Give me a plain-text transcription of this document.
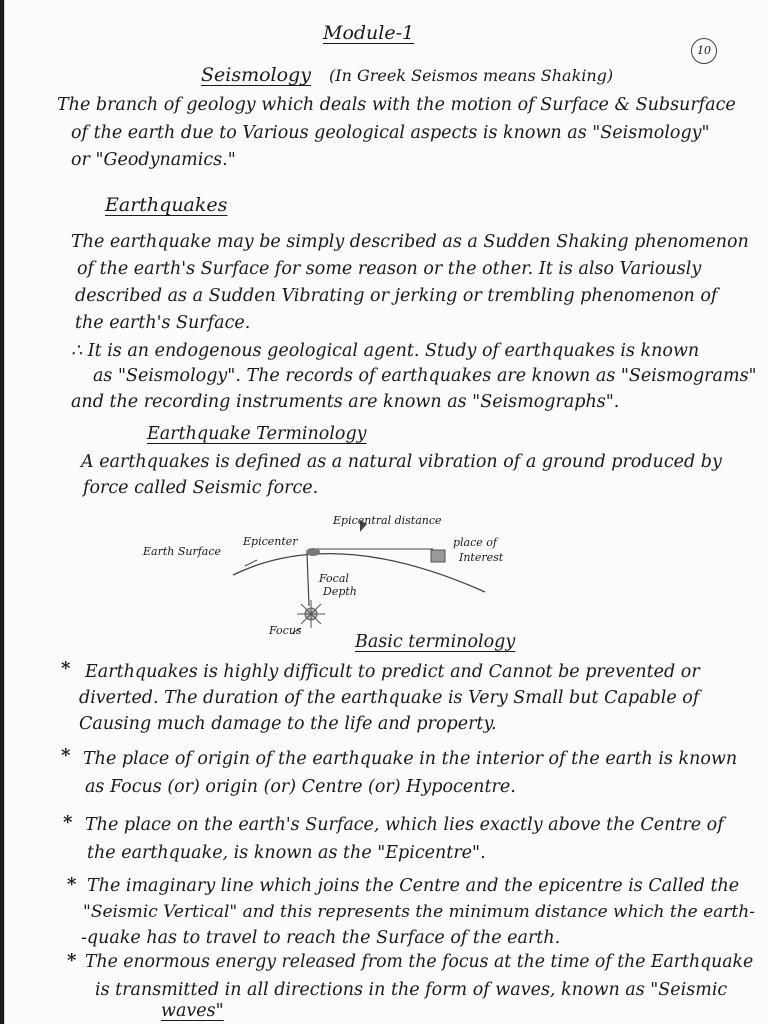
Module-1
10
Seismology (In Greek Seismos means Shaking)
The branch of geology which deals with the motion of Surface & Subsurface
of the earth due to Various geological aspects is known as "Seismology"
or "Geodynamics."
Earthquakes
The earthquake may be simply described as a Sudden Shaking phenomenon
of the earth's Surface for some reason or the other. It is also Variously
described as a Sudden Vibrating or jerking or trembling phenomenon of
the earth's Surface.
∴ It is an endogenous geological agent. Study of earthquakes is known
as "Seismology". The records of earthquakes are known as "Seismograms"
and the recording instruments are known as "Seismographs".
Earthquake Terminology
A earthquakes is defined as a natural vibration of a ground produced by
force called Seismic force.
Epicentral distance
Epicenter
Earth Surface
place of
Interest
Focal
Depth
Focus
Basic terminology
* Earthquakes is highly difficult to predict and Cannot be prevented or
diverted. The duration of the earthquake is Very Small but Capable of
Causing much damage to the life and property.
* The place of origin of the earthquake in the interior of the earth is known
as Focus (or) origin (or) Centre (or) Hypocentre.
* The place on the earth's Surface, which lies exactly above the Centre of
the earthquake, is known as the "Epicentre".
* The imaginary line which joins the Centre and the epicentre is Called the
"Seismic Vertical" and this represents the minimum distance which the earth-
-quake has to travel to reach the Surface of the earth.
* The enormous energy released from the focus at the time of the Earthquake
is transmitted in all directions in the form of waves, known as "Seismic
waves"
